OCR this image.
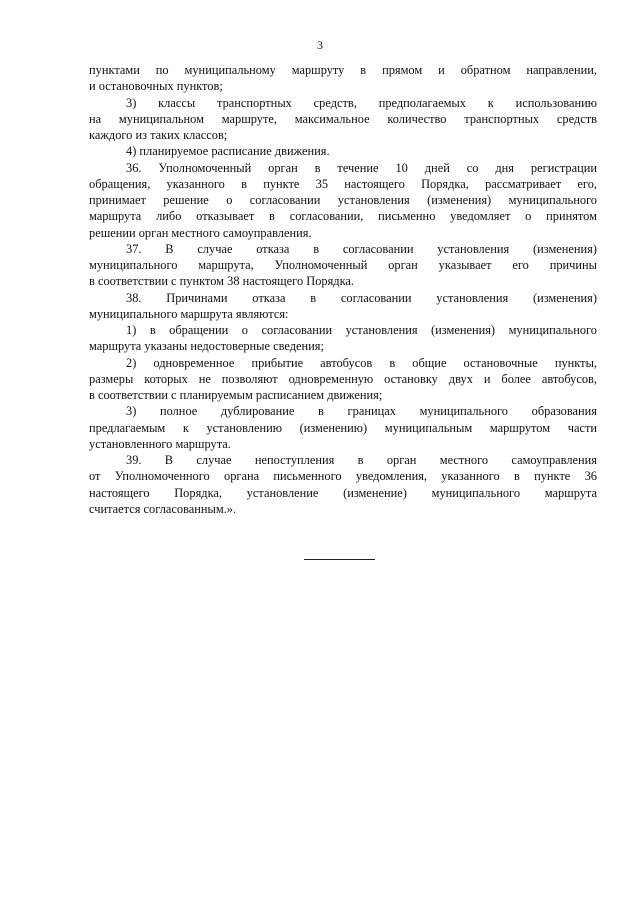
3
пунктами по муниципальному маршруту в прямом и обратном направлении,
и остановочных пунктов;
3) классы транспортных средств, предполагаемых к использованию
на муниципальном маршруте, максимальное количество транспортных средств
каждого из таких классов;
4) планируемое расписание движения.
36. Уполномоченный орган в течение 10 дней со дня регистрации
обращения, указанного в пункте 35 настоящего Порядка, рассматривает его,
принимает решение о согласовании установления (изменения) муниципального
маршрута либо отказывает в согласовании, письменно уведомляет о принятом
решении орган местного самоуправления.
37. В случае отказа в согласовании установления (изменения)
муниципального маршрута, Уполномоченный орган указывает его причины
в соответствии с пунктом 38 настоящего Порядка.
38. Причинами отказа в согласовании установления (изменения)
муниципального маршрута являются:
1) в обращении о согласовании установления (изменения) муниципального
маршрута указаны недостоверные сведения;
2) одновременное прибытие автобусов в общие остановочные пункты,
размеры которых не позволяют одновременную остановку двух и более автобусов,
в соответствии с планируемым расписанием движения;
3) полное дублирование в границах муниципального образования
предлагаемым к установлению (изменению) муниципальным маршрутом части
установленного маршрута.
39. В случае непоступления в орган местного самоуправления
от Уполномоченного органа письменного уведомления, указанного в пункте 36
настоящего Порядка, установление (изменение) муниципального маршрута
считается согласованным.».
